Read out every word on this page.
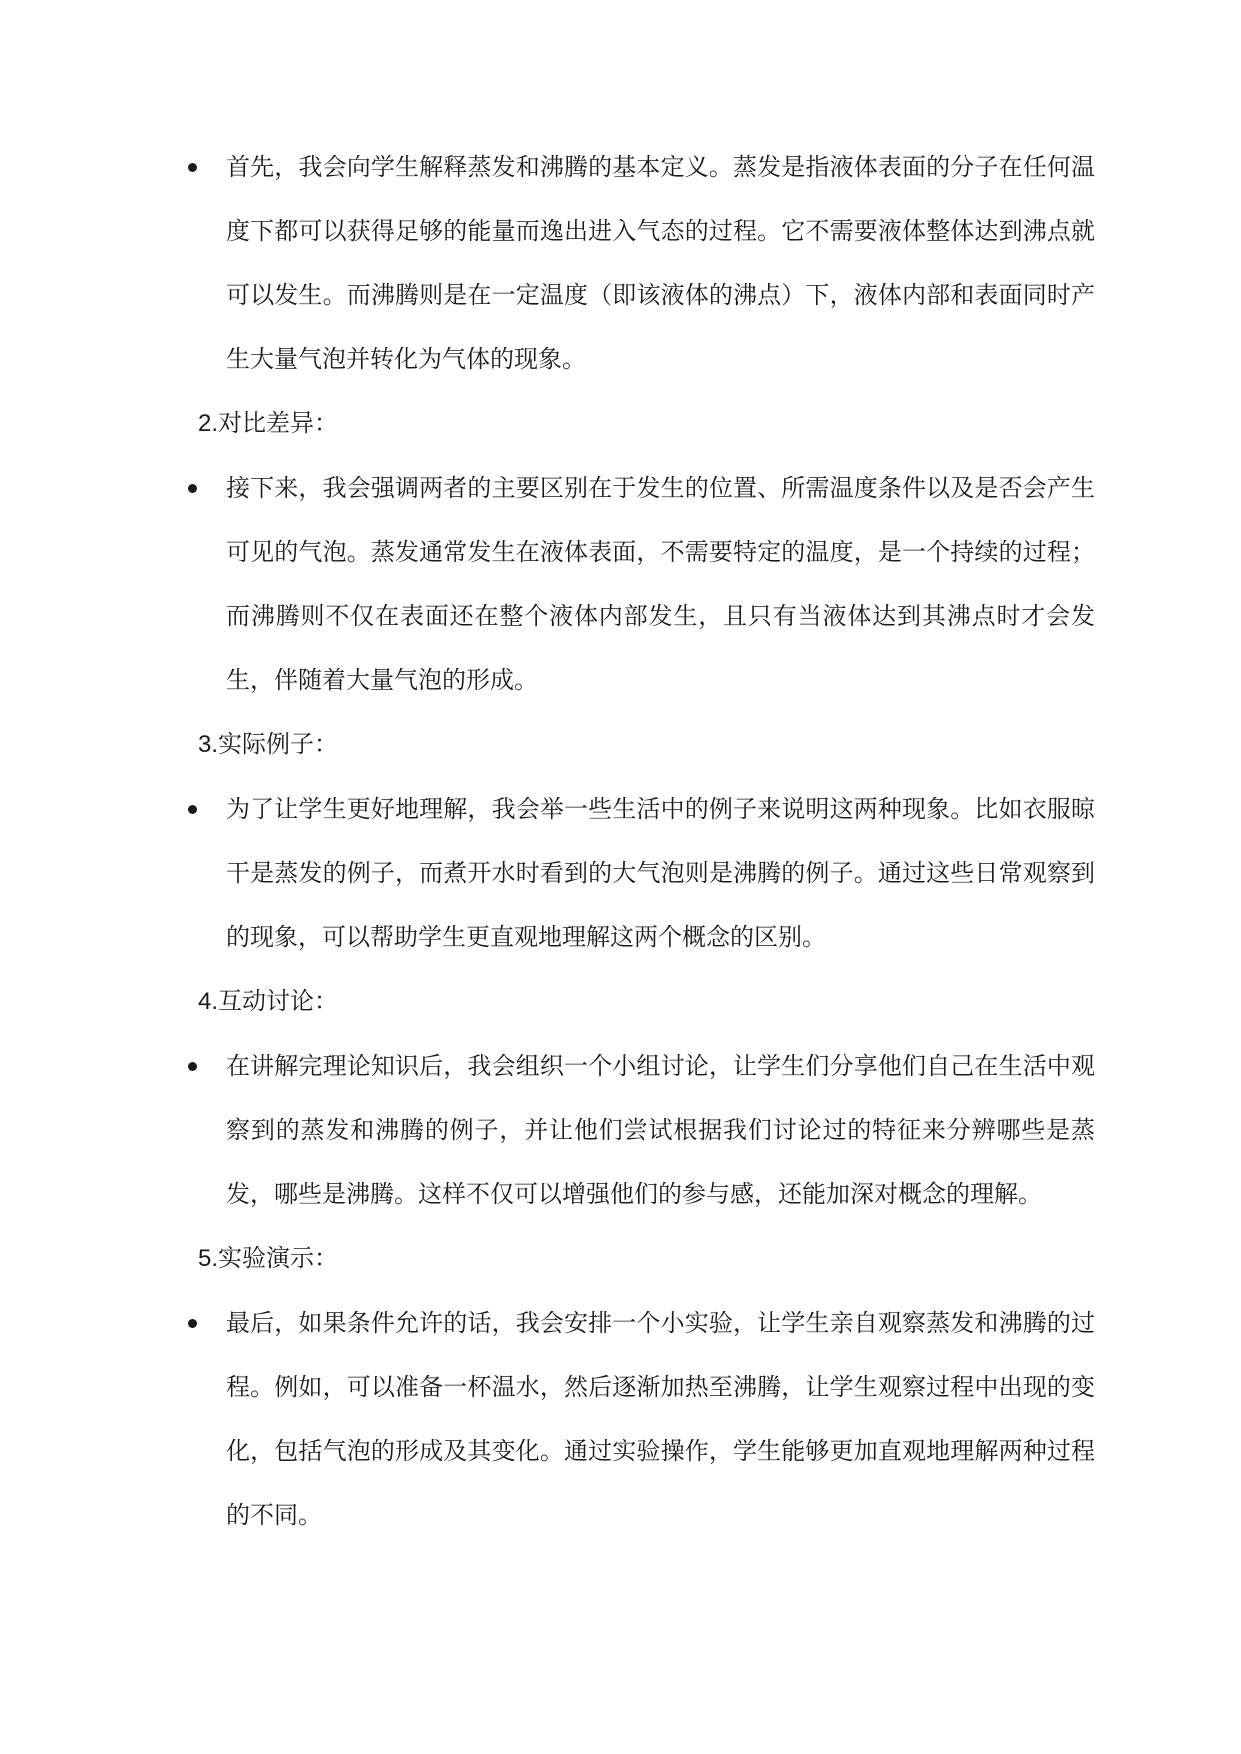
首先，我会向学生解释蒸发和沸腾的基本定义。蒸发是指液体表面的分子在任何温度下都可以获得足够的能量而逸出进入气态的过程。它不需要液体整体达到沸点就可以发生。而沸腾则是在一定温度（即该液体的沸点）下，液体内部和表面同时产生大量气泡并转化为气体的现象。
2.对比差异：
接下来，我会强调两者的主要区别在于发生的位置、所需温度条件以及是否会产生可见的气泡。蒸发通常发生在液体表面，不需要特定的温度，是一个持续的过程；而沸腾则不仅在表面还在整个液体内部发生，且只有当液体达到其沸点时才会发生，伴随着大量气泡的形成。
3.实际例子：
为了让学生更好地理解，我会举一些生活中的例子来说明这两种现象。比如衣服晾干是蒸发的例子，而煮开水时看到的大气泡则是沸腾的例子。通过这些日常观察到的现象，可以帮助学生更直观地理解这两个概念的区别。
4.互动讨论：
在讲解完理论知识后，我会组织一个小组讨论，让学生们分享他们自己在生活中观察到的蒸发和沸腾的例子，并让他们尝试根据我们讨论过的特征来分辨哪些是蒸发，哪些是沸腾。这样不仅可以增强他们的参与感，还能加深对概念的理解。
5.实验演示：
最后，如果条件允许的话，我会安排一个小实验，让学生亲自观察蒸发和沸腾的过程。例如，可以准备一杯温水，然后逐渐加热至沸腾，让学生观察过程中出现的变化，包括气泡的形成及其变化。通过实验操作，学生能够更加直观地理解两种过程的不同。
